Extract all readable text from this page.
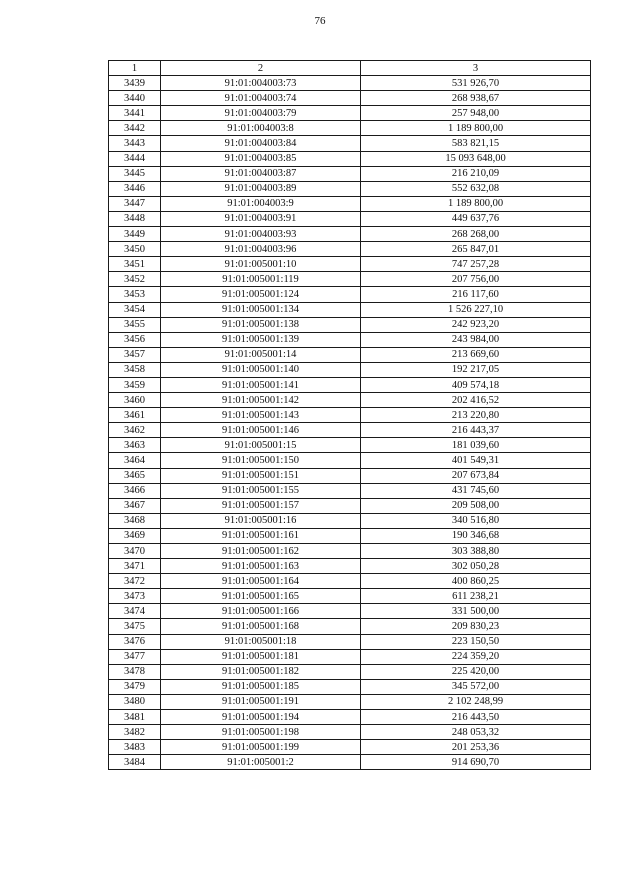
76
1	2	3
3439	91:01:004003:73	531 926,70
3440	91:01:004003:74	268 938,67
3441	91:01:004003:79	257 948,00
3442	91:01:004003:8	1 189 800,00
3443	91:01:004003:84	583 821,15
3444	91:01:004003:85	15 093 648,00
3445	91:01:004003:87	216 210,09
3446	91:01:004003:89	552 632,08
3447	91:01:004003:9	1 189 800,00
3448	91:01:004003:91	449 637,76
3449	91:01:004003:93	268 268,00
3450	91:01:004003:96	265 847,01
3451	91:01:005001:10	747 257,28
3452	91:01:005001:119	207 756,00
3453	91:01:005001:124	216 117,60
3454	91:01:005001:134	1 526 227,10
3455	91:01:005001:138	242 923,20
3456	91:01:005001:139	243 984,00
3457	91:01:005001:14	213 669,60
3458	91:01:005001:140	192 217,05
3459	91:01:005001:141	409 574,18
3460	91:01:005001:142	202 416,52
3461	91:01:005001:143	213 220,80
3462	91:01:005001:146	216 443,37
3463	91:01:005001:15	181 039,60
3464	91:01:005001:150	401 549,31
3465	91:01:005001:151	207 673,84
3466	91:01:005001:155	431 745,60
3467	91:01:005001:157	209 508,00
3468	91:01:005001:16	340 516,80
3469	91:01:005001:161	190 346,68
3470	91:01:005001:162	303 388,80
3471	91:01:005001:163	302 050,28
3472	91:01:005001:164	400 860,25
3473	91:01:005001:165	611 238,21
3474	91:01:005001:166	331 500,00
3475	91:01:005001:168	209 830,23
3476	91:01:005001:18	223 150,50
3477	91:01:005001:181	224 359,20
3478	91:01:005001:182	225 420,00
3479	91:01:005001:185	345 572,00
3480	91:01:005001:191	2 102 248,99
3481	91:01:005001:194	216 443,50
3482	91:01:005001:198	248 053,32
3483	91:01:005001:199	201 253,36
3484	91:01:005001:2	914 690,70
